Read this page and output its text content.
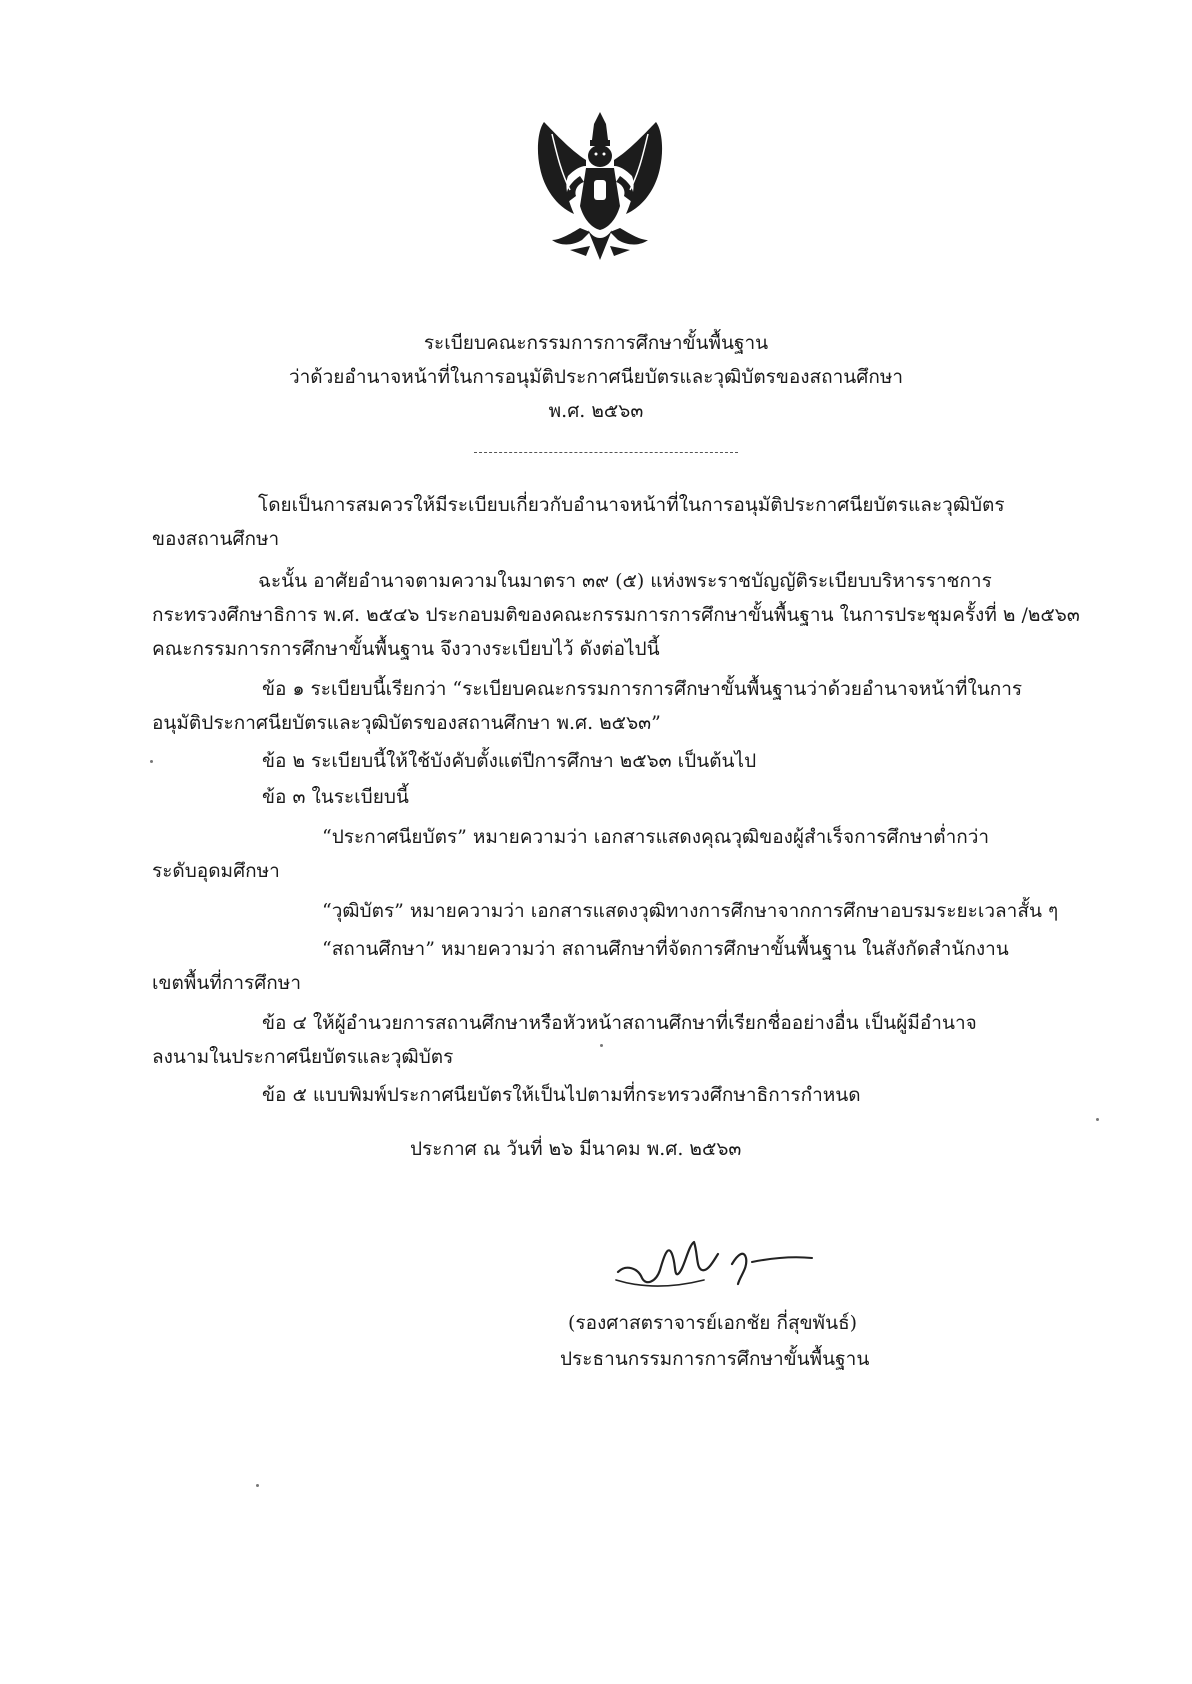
ระเบียบคณะกรรมการการศึกษาขั้นพื้นฐาน
ว่าด้วยอำนาจหน้าที่ในการอนุมัติประกาศนียบัตรและวุฒิบัตรของสถานศึกษา
พ.ศ. ๒๕๖๓
โดยเป็นการสมควรให้มีระเบียบเกี่ยวกับอำนาจหน้าที่ในการอนุมัติประกาศนียบัตรและวุฒิบัตร
ของสถานศึกษา
ฉะนั้น อาศัยอำนาจตามความในมาตรา ๓๙ (๕) แห่งพระราชบัญญัติระเบียบบริหารราชการ
กระทรวงศึกษาธิการ พ.ศ. ๒๕๔๖ ประกอบมติของคณะกรรมการการศึกษาขั้นพื้นฐาน ในการประชุมครั้งที่ ๒ /๒๕๖๓
คณะกรรมการการศึกษาขั้นพื้นฐาน จึงวางระเบียบไว้ ดังต่อไปนี้
ข้อ ๑ ระเบียบนี้เรียกว่า “ระเบียบคณะกรรมการการศึกษาขั้นพื้นฐานว่าด้วยอำนาจหน้าที่ในการ
อนุมัติประกาศนียบัตรและวุฒิบัตรของสถานศึกษา พ.ศ. ๒๕๖๓”
ข้อ ๒ ระเบียบนี้ให้ใช้บังคับตั้งแต่ปีการศึกษา ๒๕๖๓ เป็นต้นไป
ข้อ ๓ ในระเบียบนี้
“ประกาศนียบัตร” หมายความว่า เอกสารแสดงคุณวุฒิของผู้สำเร็จการศึกษาต่ำกว่า
ระดับอุดมศึกษา
“วุฒิบัตร” หมายความว่า เอกสารแสดงวุฒิทางการศึกษาจากการศึกษาอบรมระยะเวลาสั้น ๆ
“สถานศึกษา” หมายความว่า สถานศึกษาที่จัดการศึกษาขั้นพื้นฐาน ในสังกัดสำนักงาน
เขตพื้นที่การศึกษา
ข้อ ๔ ให้ผู้อำนวยการสถานศึกษาหรือหัวหน้าสถานศึกษาที่เรียกชื่ออย่างอื่น เป็นผู้มีอำนาจ
ลงนามในประกาศนียบัตรและวุฒิบัตร
ข้อ ๕ แบบพิมพ์ประกาศนียบัตรให้เป็นไปตามที่กระทรวงศึกษาธิการกำหนด
ประกาศ ณ วันที่ ๒๖ มีนาคม พ.ศ. ๒๕๖๓
(รองศาสตราจารย์เอกชัย กี่สุขพันธ์)
ประธานกรรมการการศึกษาขั้นพื้นฐาน
